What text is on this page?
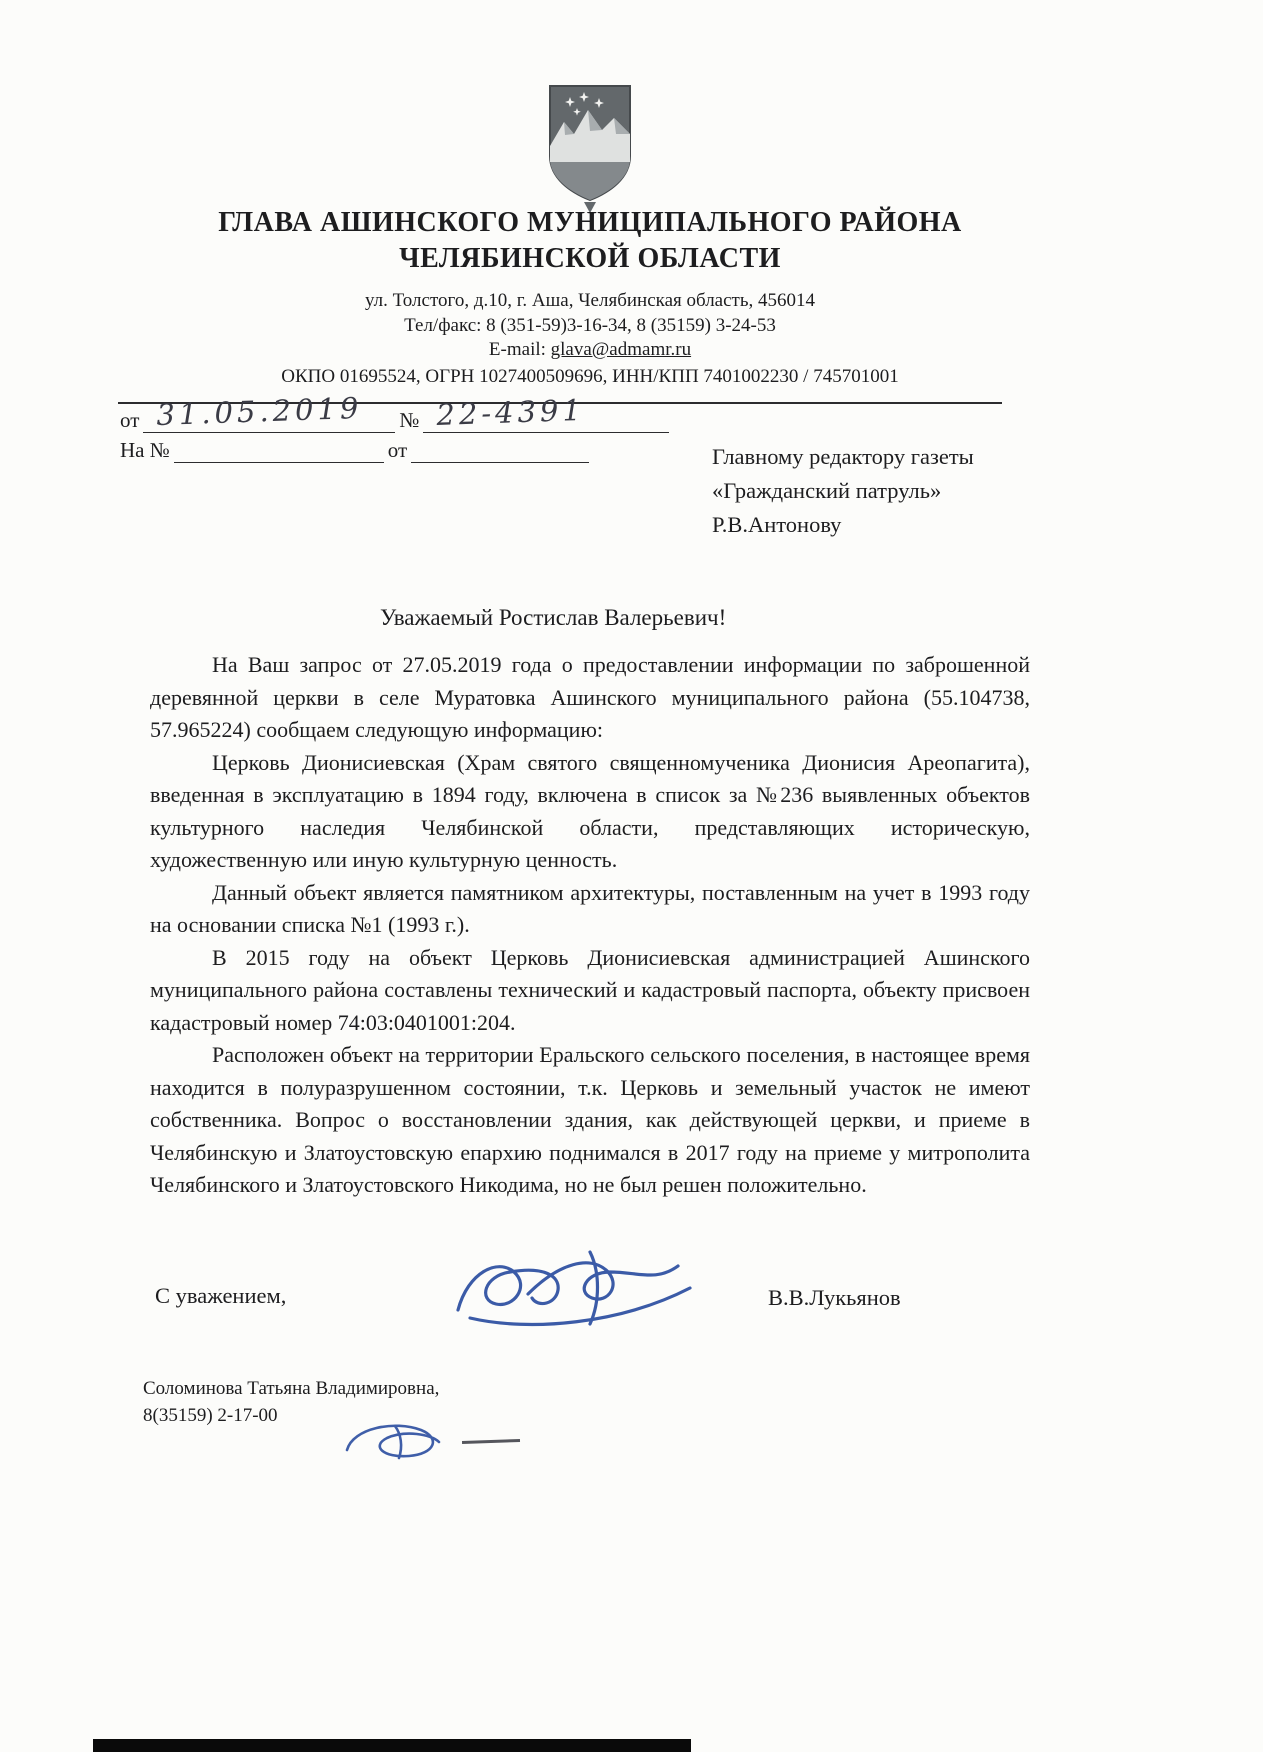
ГЛАВА АШИНСКОГО МУНИЦИПАЛЬНОГО РАЙОНА
ЧЕЛЯБИНСКОЙ ОБЛАСТИ
ул. Толстого, д.10, г. Аша, Челябинская область, 456014
Тел/факс: 8 (351-59)3-16-34, 8 (35159) 3-24-53
E-mail: glava@admamr.ru
ОКПО 01695524, ОГРН 1027400509696, ИНН/КПП 7401002230 / 745701001
от 31.05.2019 № 22-4391
На №	от	Главному редактору газеты
«Гражданский патруль»
Р.В.Антонову
Уважаемый Ростислав Валерьевич!

На Ваш запрос от 27.05.2019 года о предоставлении информации по заброшенной деревянной церкви в селе Муратовка Ашинского муниципального района (55.104738, 57.965224) сообщаем следующую информацию:

Церковь Дионисиевская (Храм святого священномученика Дионисия Ареопагита), введенная в эксплуатацию в 1894 году, включена в список за №236 выявленных объектов культурного наследия Челябинской области, представляющих историческую, художественную или иную культурную ценность.

Данный объект является памятником архитектуры, поставленным на учет в 1993 году на основании списка №1 (1993 г.).

В 2015 году на объект Церковь Дионисиевская администрацией Ашинского муниципального района составлены технический и кадастровый паспорта, объекту присвоен кадастровый номер 74:03:0401001:204.

Расположен объект на территории Еральского сельского поселения, в настоящее время находится в полуразрушенном состоянии, т.к. Церковь и земельный участок не имеют собственника. Вопрос о восстановлении здания, как действующей церкви, и приеме в Челябинскую и Златоустовскую епархию поднимался в 2017 году на приеме у митрополита Челябинского и Златоустовского Никодима, но не был решен положительно.

С уважением,	В.В.Лукьянов
Соломинова Татьяна Владимировна,
8(35159) 2-17-00
